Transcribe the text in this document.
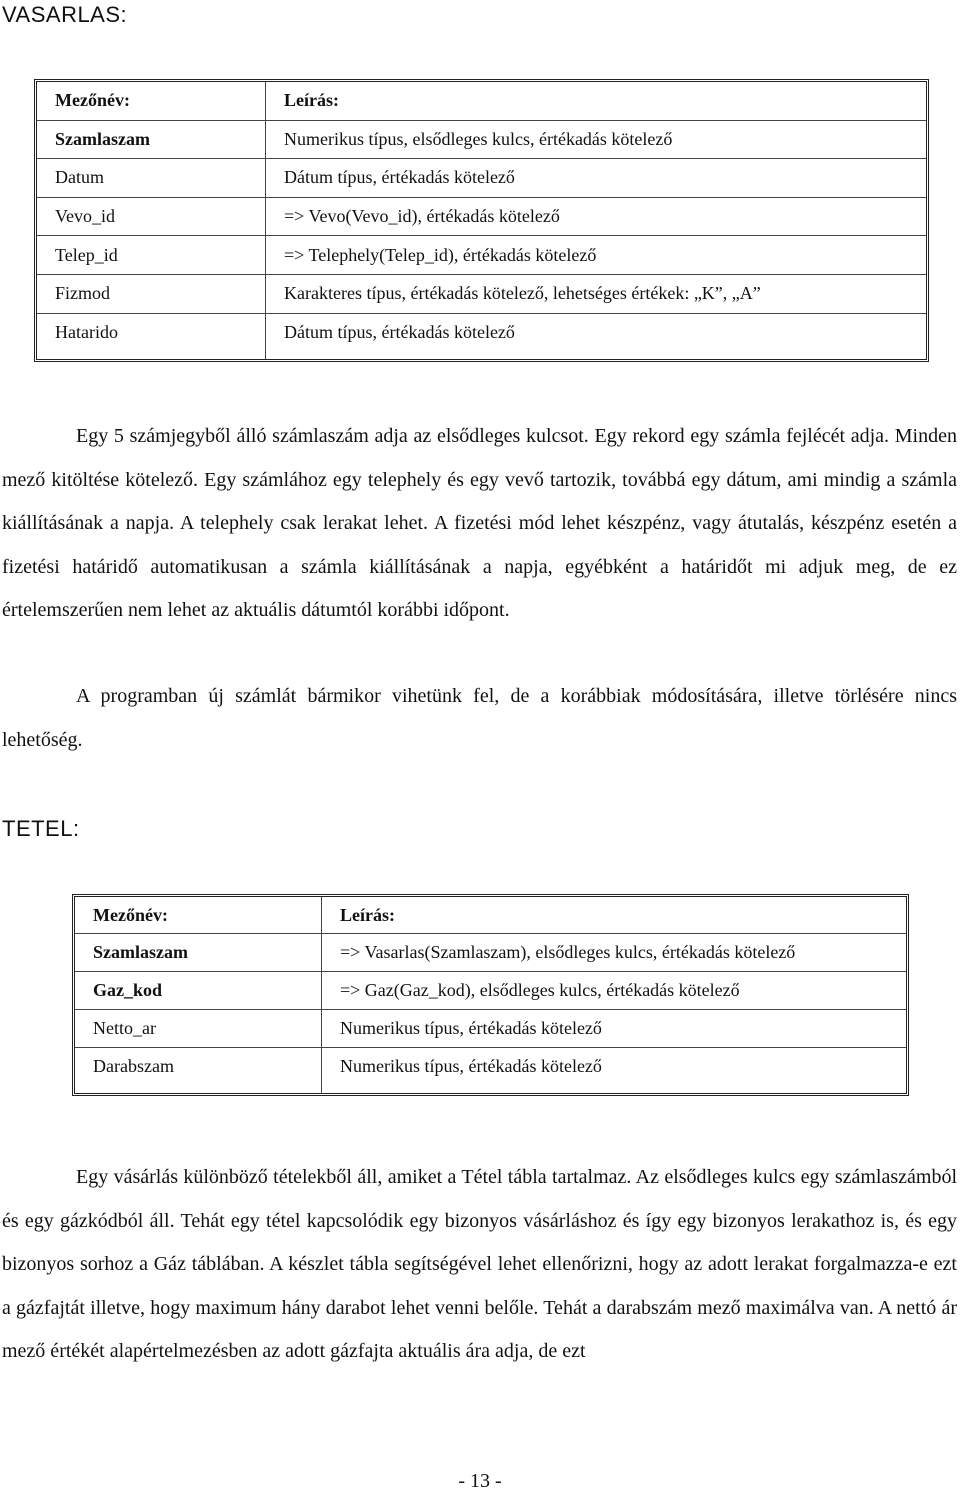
VASARLAS:
Mezőnév:	Leírás:
Szamlaszam	Numerikus típus, elsődleges kulcs, értékadás kötelező
Datum	Dátum típus, értékadás kötelező
Vevo_id	=> Vevo(Vevo_id), értékadás kötelező
Telep_id	=> Telephely(Telep_id), értékadás kötelező
Fizmod	Karakteres típus, értékadás kötelező, lehetséges értékek: „K”, „A”
Hatarido	Dátum típus, értékadás kötelező

Egy 5 számjegyből álló számlaszám adja az elsődleges kulcsot. Egy rekord egy számla fejlécét adja. Minden mező kitöltése kötelező. Egy számlához egy telephely és egy vevő tartozik, továbbá egy dátum, ami mindig a számla kiállításának a napja. A telephely csak lerakat lehet. A fizetési mód lehet készpénz, vagy átutalás, készpénz esetén a fizetési határidő automatikusan a számla kiállításának a napja, egyébként a határidőt mi adjuk meg, de ez értelemszerűen nem lehet az aktuális dátumtól korábbi időpont.

A programban új számlát bármikor vihetünk fel, de a korábbiak módosítására, illetve törlésére nincs lehetőség.

TETEL:
Mezőnév:	Leírás:
Szamlaszam	=> Vasarlas(Szamlaszam), elsődleges kulcs, értékadás kötelező
Gaz_kod	=> Gaz(Gaz_kod), elsődleges kulcs, értékadás kötelező
Netto_ar	Numerikus típus, értékadás kötelező
Darabszam	Numerikus típus, értékadás kötelező

Egy vásárlás különböző tételekből áll, amiket a Tétel tábla tartalmaz. Az elsődleges kulcs egy számlaszámból és egy gázkódból áll. Tehát egy tétel kapcsolódik egy bizonyos vásárláshoz és így egy bizonyos lerakathoz is, és egy bizonyos sorhoz a Gáz táblában. A készlet tábla segítségével lehet ellenőrizni, hogy az adott lerakat forgalmazza-e ezt a gázfajtát illetve, hogy maximum hány darabot lehet venni belőle. Tehát a darabszám mező maximálva van. A nettó ár mező értékét alapértelmezésben az adott gázfajta aktuális ára adja, de ezt

- 13 -
